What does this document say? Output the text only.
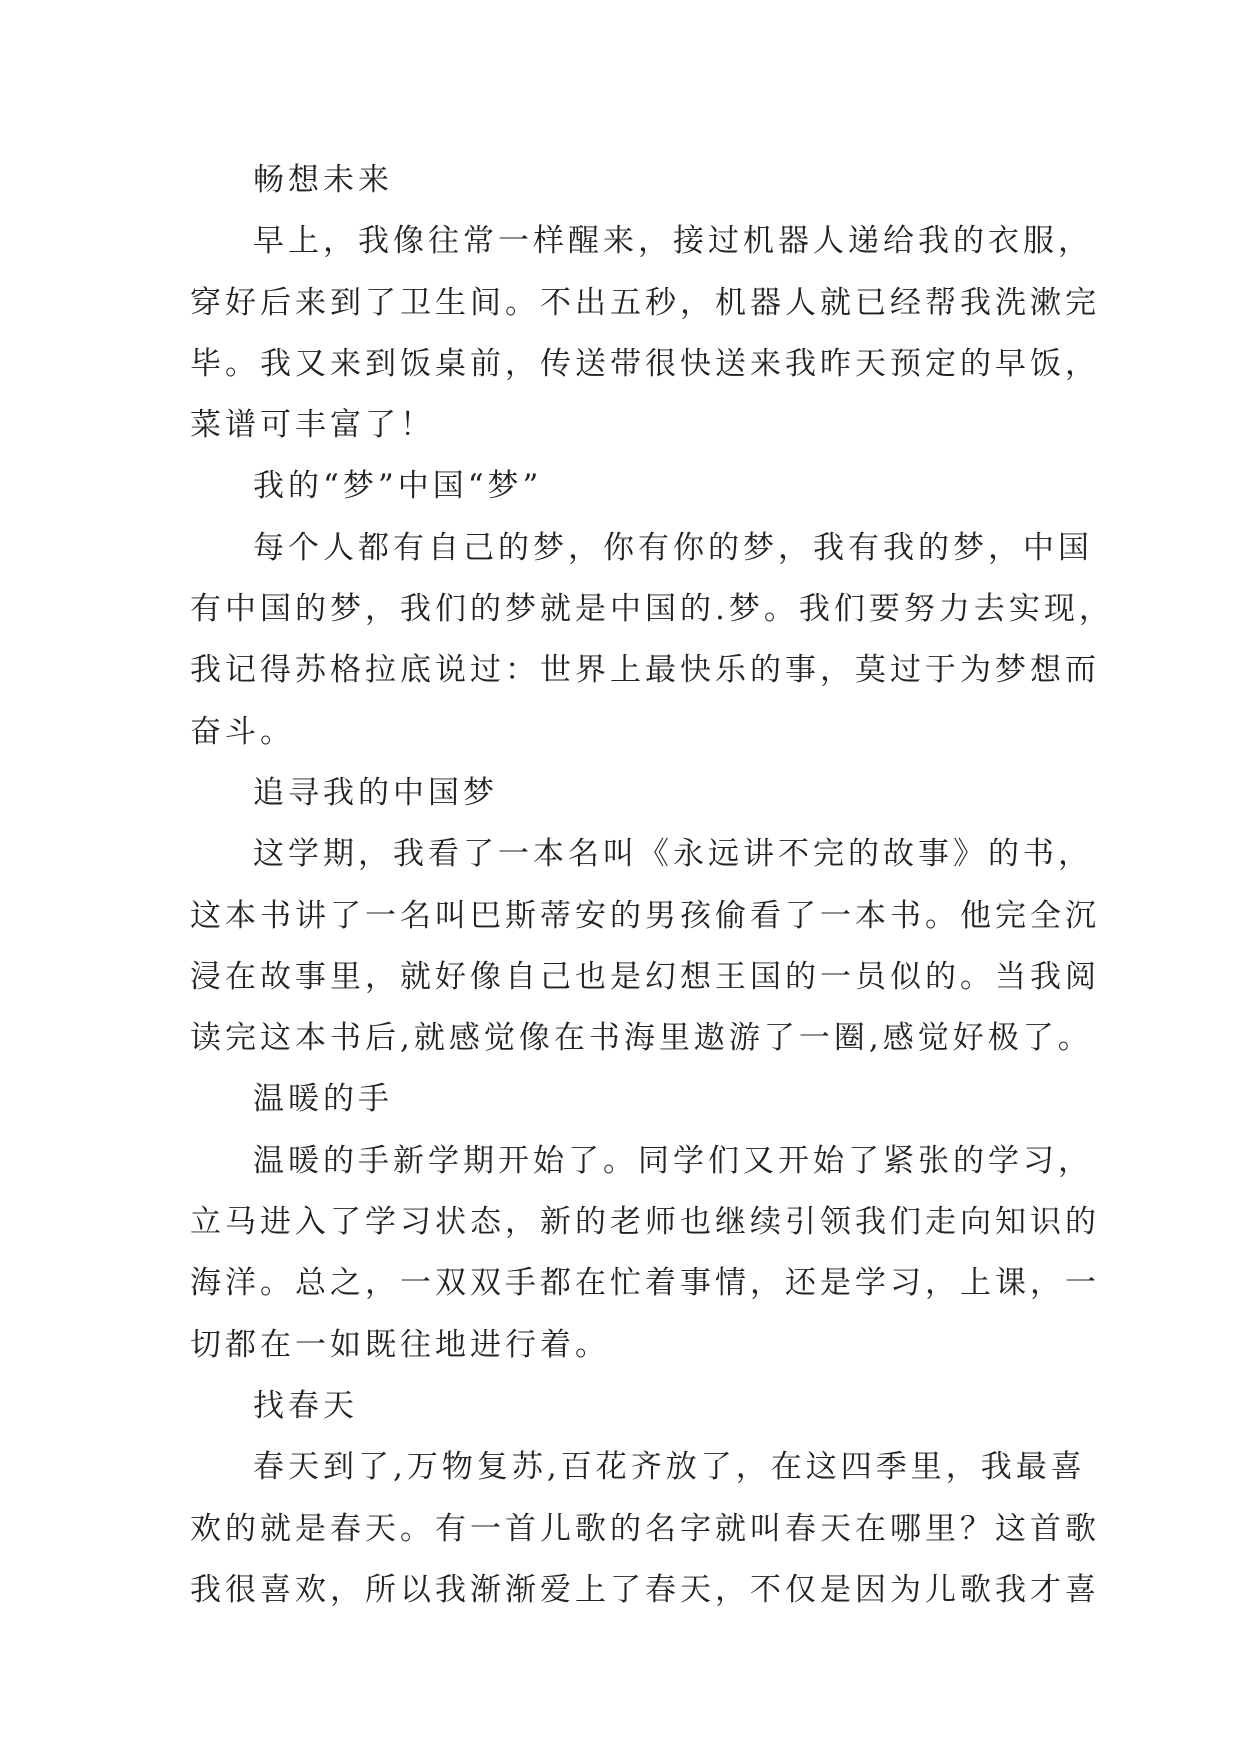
畅想未来
早上，我像往常一样醒来，接过机器人递给我的衣服，
穿好后来到了卫生间。不出五秒，机器人就已经帮我洗漱完
毕。我又来到饭桌前，传送带很快送来我昨天预定的早饭，
菜谱可丰富了！
我的“梦”中国“梦”
每个人都有自己的梦，你有你的梦，我有我的梦，中国
有中国的梦，我们的梦就是中国的.梦。我们要努力去实现，
我记得苏格拉底说过：世界上最快乐的事，莫过于为梦想而
奋斗。
追寻我的中国梦
这学期，我看了一本名叫《永远讲不完的故事》的书，
这本书讲了一名叫巴斯蒂安的男孩偷看了一本书。他完全沉
浸在故事里，就好像自己也是幻想王国的一员似的。当我阅
读完这本书后,就感觉像在书海里遨游了一圈,感觉好极了。
温暖的手
温暖的手新学期开始了。同学们又开始了紧张的学习，
立马进入了学习状态，新的老师也继续引领我们走向知识的
海洋。总之，一双双手都在忙着事情，还是学习，上课，一
切都在一如既往地进行着。
找春天
春天到了,万物复苏,百花齐放了，在这四季里，我最喜
欢的就是春天。有一首儿歌的名字就叫春天在哪里？这首歌
我很喜欢，所以我渐渐爱上了春天，不仅是因为儿歌我才喜
